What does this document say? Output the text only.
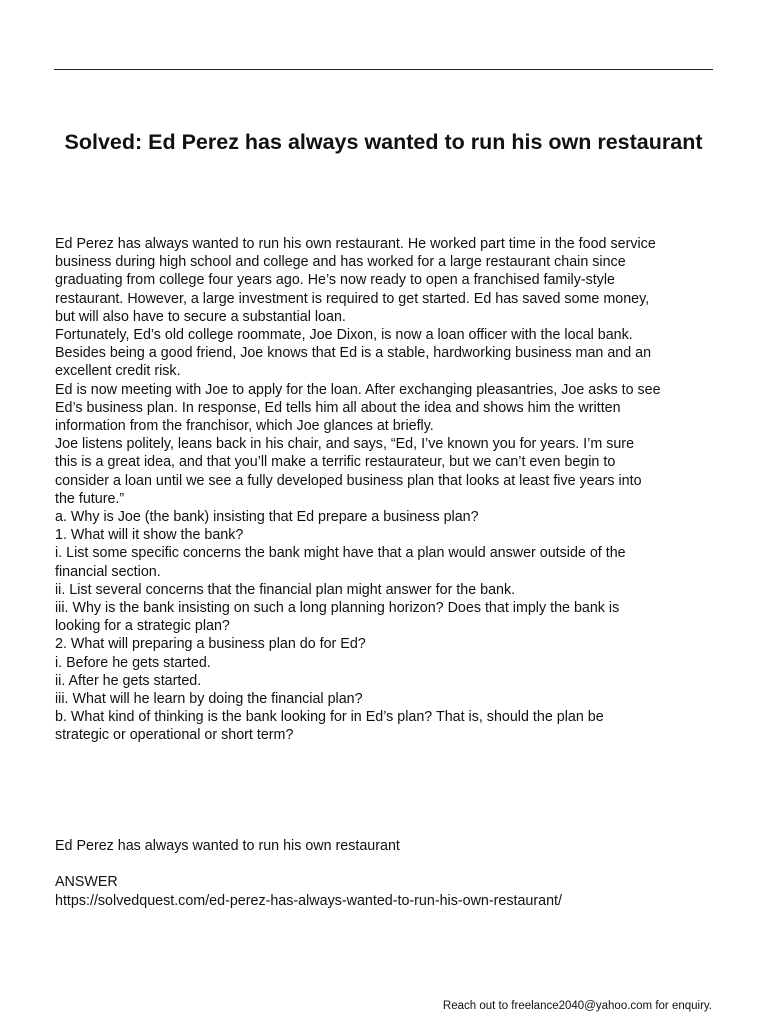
Solved: Ed Perez has always wanted to run his own restaurant
Ed Perez has always wanted to run his own restaurant. He worked part time in the food service
business during high school and college and has worked for a large restaurant chain since
graduating from college four years ago. He’s now ready to open a franchised family-style
restaurant. However, a large investment is required to get started. Ed has saved some money,
but will also have to secure a substantial loan.
Fortunately, Ed’s old college roommate, Joe Dixon, is now a loan officer with the local bank.
Besides being a good friend, Joe knows that Ed is a stable, hardworking business man and an
excellent credit risk.
Ed is now meeting with Joe to apply for the loan. After exchanging pleasantries, Joe asks to see
Ed’s business plan. In response, Ed tells him all about the idea and shows him the written
information from the franchisor, which Joe glances at briefly.
Joe listens politely, leans back in his chair, and says, “Ed, I’ve known you for years. I’m sure
this is a great idea, and that you’ll make a terrific restaurateur, but we can’t even begin to
consider a loan until we see a fully developed business plan that looks at least five years into
the future.”
a. Why is Joe (the bank) insisting that Ed prepare a business plan?
1. What will it show the bank?
i. List some specific concerns the bank might have that a plan would answer outside of the
financial section.
ii. List several concerns that the financial plan might answer for the bank.
iii. Why is the bank insisting on such a long planning horizon? Does that imply the bank is
looking for a strategic plan?
2. What will preparing a business plan do for Ed?
i. Before he gets started.
ii. After he gets started.
iii. What will he learn by doing the financial plan?
b. What kind of thinking is the bank looking for in Ed’s plan? That is, should the plan be
strategic or operational or short term?
Ed Perez has always wanted to run his own restaurant
ANSWER
https://solvedquest.com/ed-perez-has-always-wanted-to-run-his-own-restaurant/
Reach out to freelance2040@yahoo.com for enquiry.
